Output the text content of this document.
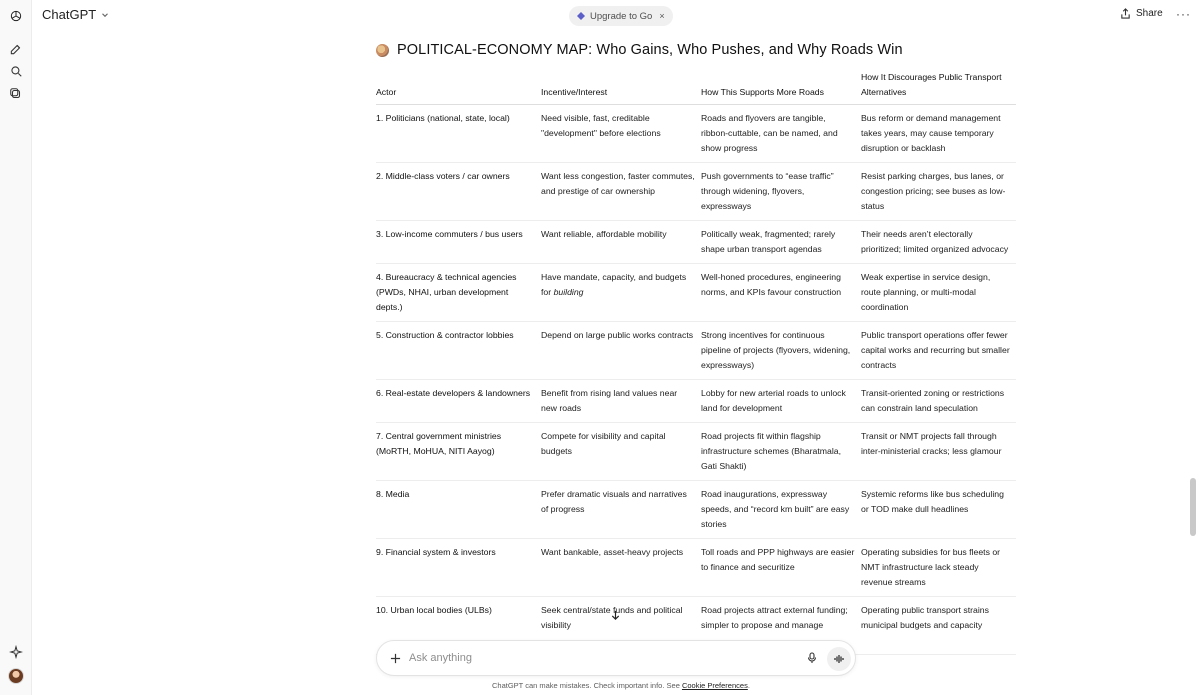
ChatGPT	Upgrade to Go ×	Share ···
POLITICAL-ECONOMY MAP: Who Gains, Who Pushes, and Why Roads Win
Actor	Incentive/Interest	How This Supports More Roads	How It Discourages Public Transport Alternatives
1. Politicians (national, state, local)	Need visible, fast, creditable "development" before elections	Roads and flyovers are tangible, ribbon-cuttable, can be named, and show progress	Bus reform or demand management takes years, may cause temporary disruption or backlash
2. Middle-class voters / car owners	Want less congestion, faster commutes, and prestige of car ownership	Push governments to “ease traffic” through widening, flyovers, expressways	Resist parking charges, bus lanes, or congestion pricing; see buses as low-status
3. Low-income commuters / bus users	Want reliable, affordable mobility	Politically weak, fragmented; rarely shape urban transport agendas	Their needs aren’t electorally prioritized; limited organized advocacy
4. Bureaucracy & technical agencies (PWDs, NHAI, urban development depts.)	Have mandate, capacity, and budgets for building	Well-honed procedures, engineering norms, and KPIs favour construction	Weak expertise in service design, route planning, or multi-modal coordination
5. Construction & contractor lobbies	Depend on large public works contracts	Strong incentives for continuous pipeline of projects (flyovers, widening, expressways)	Public transport operations offer fewer capital works and recurring but smaller contracts
6. Real-estate developers & landowners	Benefit from rising land values near new roads	Lobby for new arterial roads to unlock land for development	Transit-oriented zoning or restrictions can constrain land speculation
7. Central government ministries (MoRTH, MoHUA, NITI Aayog)	Compete for visibility and capital budgets	Road projects fit within flagship infrastructure schemes (Bharatmala, Gati Shakti)	Transit or NMT projects fall through inter-ministerial cracks; less glamour
8. Media	Prefer dramatic visuals and narratives of progress	Road inaugurations, expressway speeds, and “record km built” are easy stories	Systemic reforms like bus scheduling or TOD make dull headlines
9. Financial system & investors	Want bankable, asset-heavy projects	Toll roads and PPP highways are easier to finance and securitize	Operating subsidies for bus fleets or NMT infrastructure lack steady revenue streams
10. Urban local bodies (ULBs)	Seek central/state funds and political visibility	Road projects attract external funding; simpler to propose and manage	Operating public transport strains municipal budgets and capacity
Ask anything
ChatGPT can make mistakes. Check important info. See Cookie Preferences.
